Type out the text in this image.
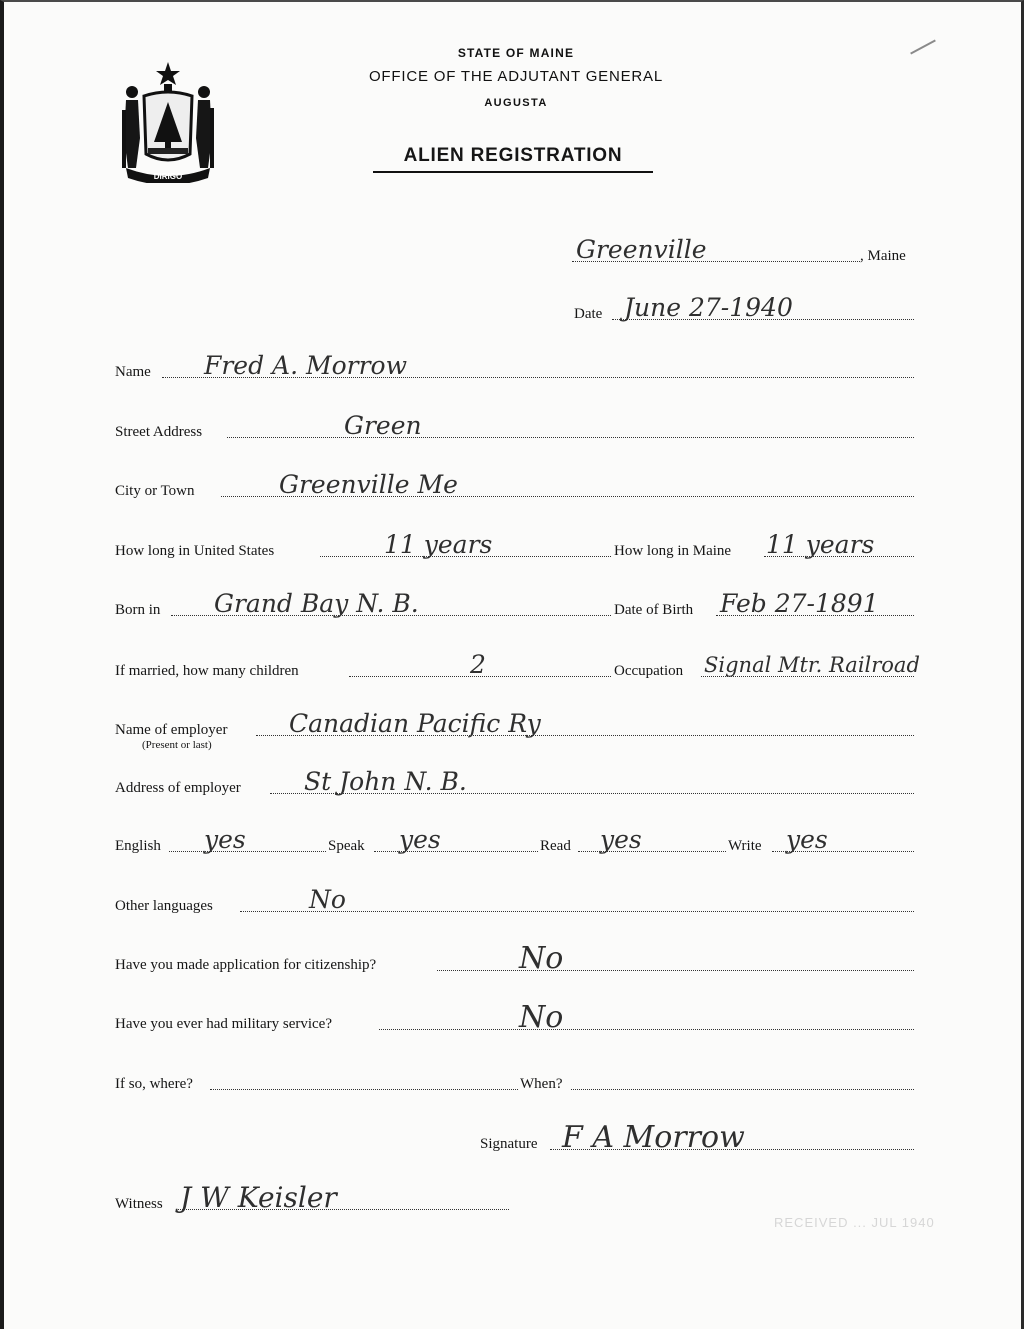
DIRIGO
STATE OF MAINE
OFFICE OF THE ADJUTANT GENERAL
AUGUSTA
ALIEN REGISTRATION
Greenville	, Maine
Date June 27-1940
Name Fred A. Morrow
Street Address	Green
City or Town	Greenville Me
How long in United States	11 years	How long in Maine 11 years
Born in Grand Bay N. B.	Date of Birth Feb 27-1891
If married, how many children	2	Occupation Signal Mtr. Railroad
Name of employer Canadian Pacific Ry
(Present or last)
Address of employer	St John N. B.
English yes	Speak yes	Read yes	Write yes
Other languages	No
Have you made application for citizenship?	No
Have you ever had military service?	No
If so, where?	When?
Signature F A Morrow
Witness J W Keisler
RECEIVED ... JUL 1940
